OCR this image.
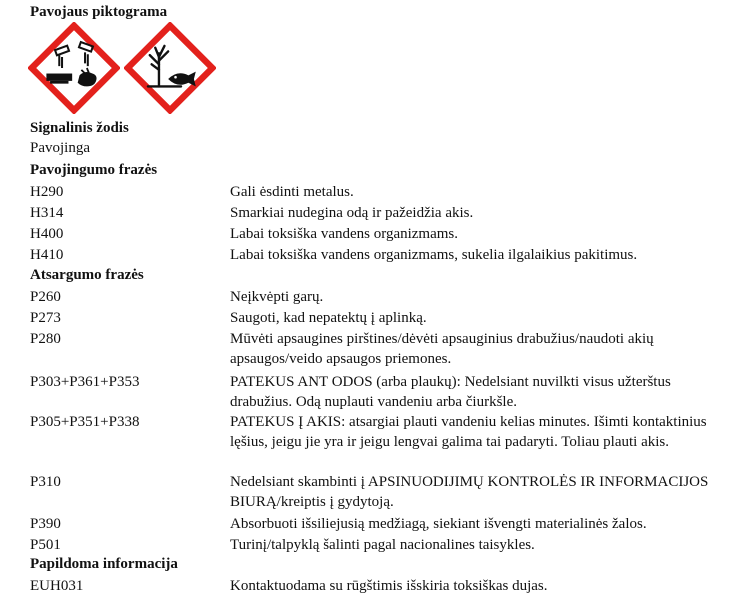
Pavojaus piktograma
Signalinis žodis
Pavojinga
Pavojingumo frazės
H290	Gali ėsdinti metalus.
H314	Smarkiai nudegina odą ir pažeidžia akis.
H400	Labai toksiška vandens organizmams.
H410	Labai toksiška vandens organizmams, sukelia ilgalaikius pakitimus.
Atsargumo frazės
P260	Neįkvėpti garų.
P273	Saugoti, kad nepatektų į aplinką.
P280	Mūvėti apsaugines pirštines/dėvėti apsauginius drabužius/naudoti akių apsaugos/veido apsaugos priemones.
P303+P361+P353	PATEKUS ANT ODOS (arba plaukų): Nedelsiant nuvilkti visus užterštus drabužius. Odą nuplauti vandeniu arba čiurkšle.
P305+P351+P338	PATEKUS Į AKIS: atsargiai plauti vandeniu kelias minutes. Išimti kontaktinius lęšius, jeigu jie yra ir jeigu lengvai galima tai padaryti. Toliau plauti akis.
P310	Nedelsiant skambinti į APSINUODIJIMŲ KONTROLĖS IR INFORMACIJOS BIURĄ/kreiptis į gydytoją.
P390	Absorbuoti išsiliejusią medžiagą, siekiant išvengti materialinės žalos.
P501	Turinį/talpyklą šalinti pagal nacionalines taisykles.
Papildoma informacija
EUH031	Kontaktuodama su rūgštimis išskiria toksiškas dujas.
